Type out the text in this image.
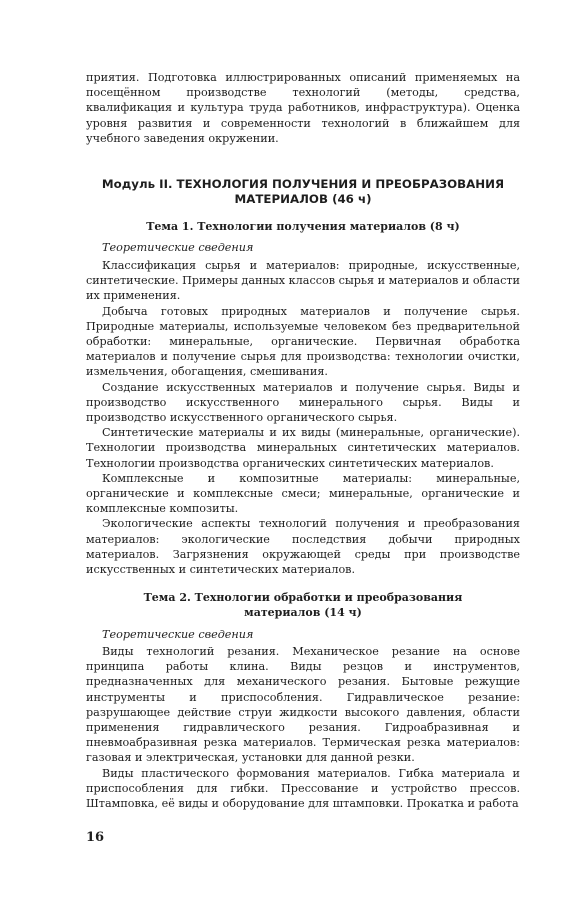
приятия. Подготовка иллюстрированных описаний применяемых на посещённом производстве технологий (методы, средства, квалификация и культура труда работников, инфраструктура). Оценка уровня развития и современности технологий в ближайшем для учебного заведения окружении.

Модуль II. ТЕХНОЛОГИЯ ПОЛУЧЕНИЯ И ПРЕОБРАЗОВАНИЯ МАТЕРИАЛОВ (46 ч)
Тема 1. Технологии получения материалов (8 ч)
Теоретические сведения

Классификация сырья и материалов: природные, искусственные, синтетические. Примеры данных классов сырья и материалов и области их применения.

Добыча готовых природных материалов и получение сырья. Природные материалы, используемые человеком без предварительной обработки: минеральные, органические. Первичная обработка материалов и получение сырья для производства: технологии очистки, измельчения, обогащения, смешивания.

Создание искусственных материалов и получение сырья. Виды и производство искусственного минерального сырья. Виды и производство искусственного органического сырья.

Синтетические материалы и их виды (минеральные, органические). Технологии производства минеральных синтетических материалов. Технологии производства органических синтетических материалов.

Комплексные и композитные материалы: минеральные, органические и комплексные смеси; минеральные, органические и комплексные композиты.

Экологические аспекты технологий получения и преобразования материалов: экологические последствия добычи природных материалов. Загрязнения окружающей среды при производстве искусственных и синтетических материалов.

Тема 2. Технологии обработки и преобразования
материалов (14 ч)
Теоретические сведения

Виды технологий резания. Механическое резание на основе принципа работы клина. Виды резцов и инструментов, предназначенных для механического резания. Бытовые режущие инструменты и приспособления. Гидравлическое резание: разрушающее действие струи жидкости высокого давления, области применения гидравлического резания. Гидроабразивная и пневмоабразивная резка материалов. Термическая резка материалов: газовая и электрическая, установки для данной резки.

Виды пластического формования материалов. Гибка материала и приспособления для гибки. Прессование и устройство прессов. Штамповка, её виды и оборудование для штамповки. Прокатка и работа

16
